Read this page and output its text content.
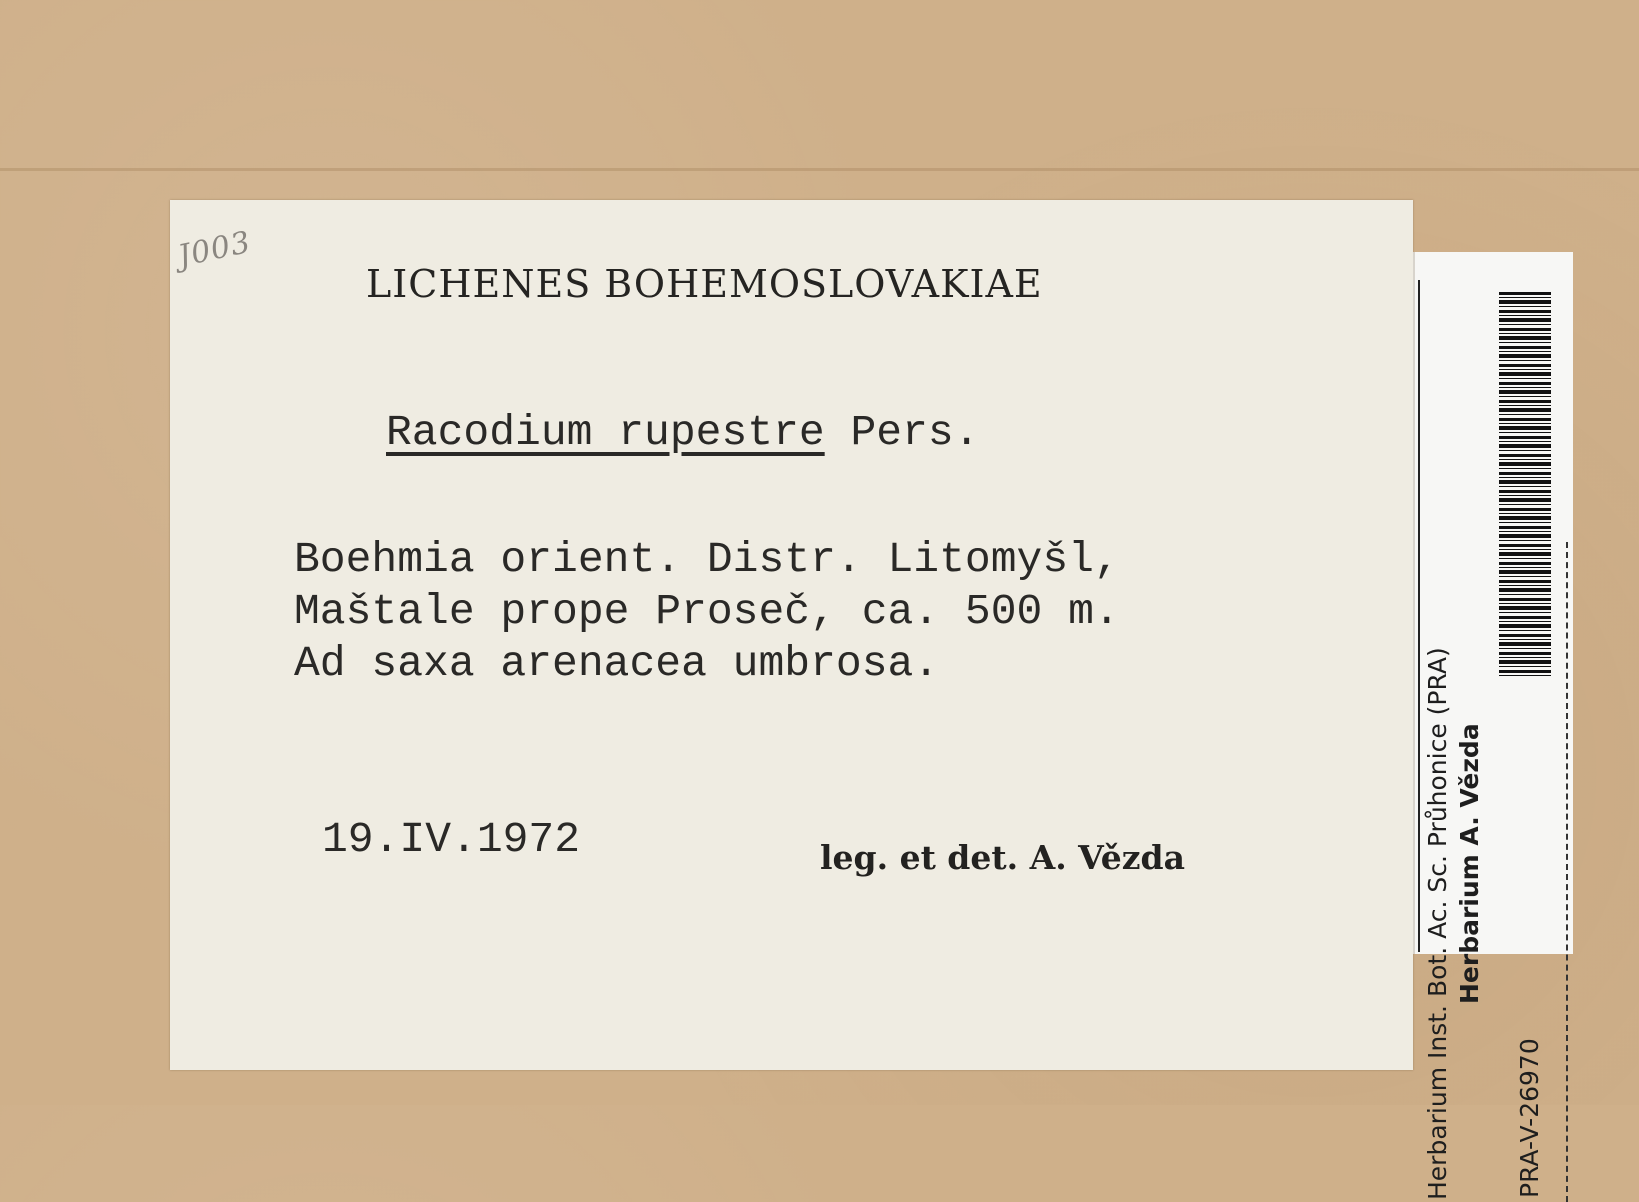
J003
LICHENES BOHEMOSLOVAKIAE
Racodium rupestre Pers.
Boehmia orient. Distr. Litomyšl,
Maštale prope Proseč, ca. 500 m.
Ad saxa arenacea umbrosa.
19.IV.1972	leg. et det. A. Vězda	Herbarium Inst. Bot. Ac. Sc. Průhonice (PRA) Herbarium A. Vězda
PRA-V-26970
